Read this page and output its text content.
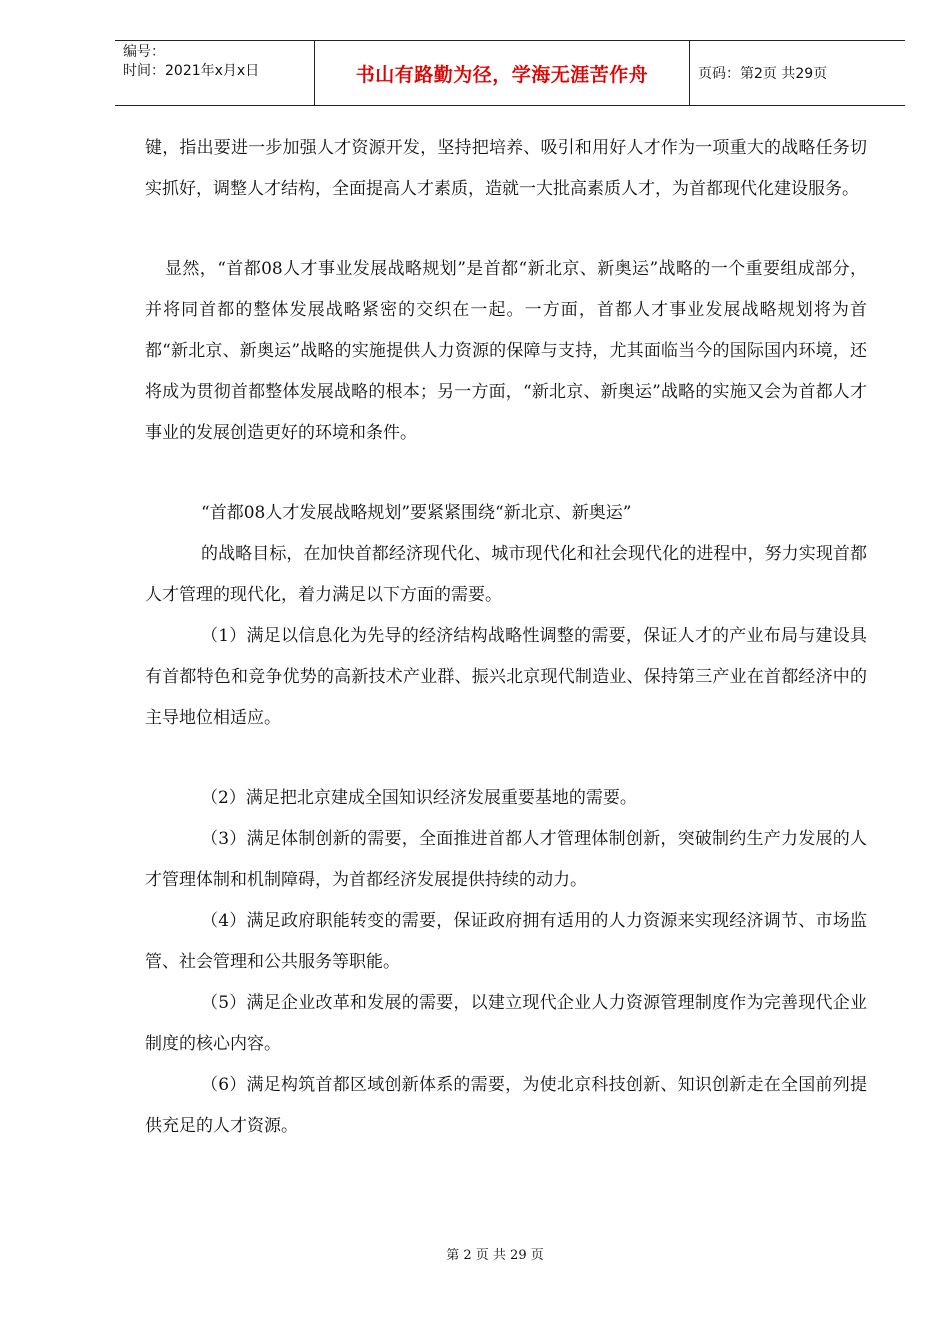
编号：
时间：2021年x月x日	书山有路勤为径，学海无涯苦作舟	页码：第2页 共29页

键，指出要进一步加强人才资源开发，坚持把培养、吸引和用好人才作为一项重大的战略任务切实抓好，调整人才结构，全面提高人才素质，造就一大批高素质人才，为首都现代化建设服务。

显然，“首都08人才事业发展战略规划”是首都“新北京、新奥运”战略的一个重要组成部分，并将同首都的整体发展战略紧密的交织在一起。一方面，首都人才事业发展战略规划将为首都“新北京、新奥运”战略的实施提供人力资源的保障与支持，尤其面临当今的国际国内环境，还将成为贯彻首都整体发展战略的根本；另一方面，“新北京、新奥运”战略的实施又会为首都人才事业的发展创造更好的环境和条件。

“首都08人才发展战略规划”要紧紧围绕“新北京、新奥运”

的战略目标，在加快首都经济现代化、城市现代化和社会现代化的进程中，努力实现首都人才管理的现代化，着力满足以下方面的需要。

（1）满足以信息化为先导的经济结构战略性调整的需要，保证人才的产业布局与建设具有首都特色和竞争优势的高新技术产业群、振兴北京现代制造业、保持第三产业在首都经济中的主导地位相适应。

（2）满足把北京建成全国知识经济发展重要基地的需要。

（3）满足体制创新的需要，全面推进首都人才管理体制创新，突破制约生产力发展的人才管理体制和机制障碍，为首都经济发展提供持续的动力。

（4）满足政府职能转变的需要，保证政府拥有适用的人力资源来实现经济调节、市场监管、社会管理和公共服务等职能。

（5）满足企业改革和发展的需要，以建立现代企业人力资源管理制度作为完善现代企业制度的核心内容。

（6）满足构筑首都区域创新体系的需要，为使北京科技创新、知识创新走在全国前列提供充足的人才资源。

第 2 页 共 29 页
